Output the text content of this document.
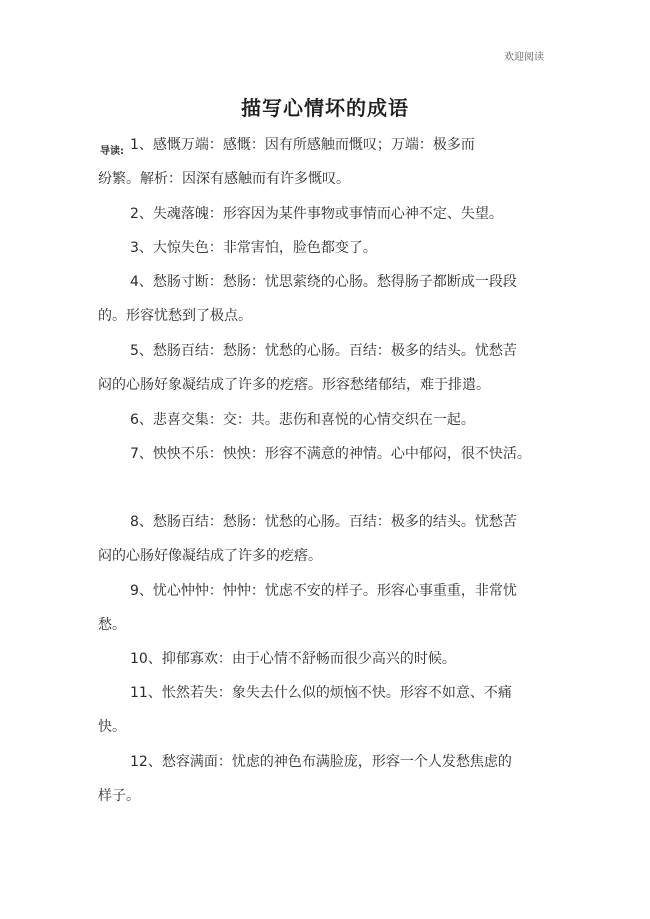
欢迎阅读
描写心情坏的成语
导读: 1、感慨万端：感慨：因有所感触而慨叹；万端：极多而
纷繁。解析：因深有感触而有许多慨叹。
2、失魂落魄：形容因为某件事物或事情而心神不定、失望。
3、大惊失色：非常害怕，脸色都变了。
4、愁肠寸断：愁肠：忧思萦绕的心肠。愁得肠子都断成一段段
的。形容忧愁到了极点。
5、愁肠百结：愁肠：忧愁的心肠。百结：极多的结头。忧愁苦
闷的心肠好象凝结成了许多的疙瘩。形容愁绪郁结，难于排遣。
6、悲喜交集：交：共。悲伤和喜悦的心情交织在一起。
7、怏怏不乐：怏怏：形容不满意的神情。心中郁闷，很不快活。
8、愁肠百结：愁肠：忧愁的心肠。百结：极多的结头。忧愁苦
闷的心肠好像凝结成了许多的疙瘩。
9、忧心忡忡：忡忡：忧虑不安的样子。形容心事重重，非常忧
愁。
10、抑郁寡欢：由于心情不舒畅而很少高兴的时候。
11、怅然若失：象失去什么似的烦恼不快。形容不如意、不痛
快。
12、愁容满面：忧虑的神色布满脸庞，形容一个人发愁焦虑的
样子。
